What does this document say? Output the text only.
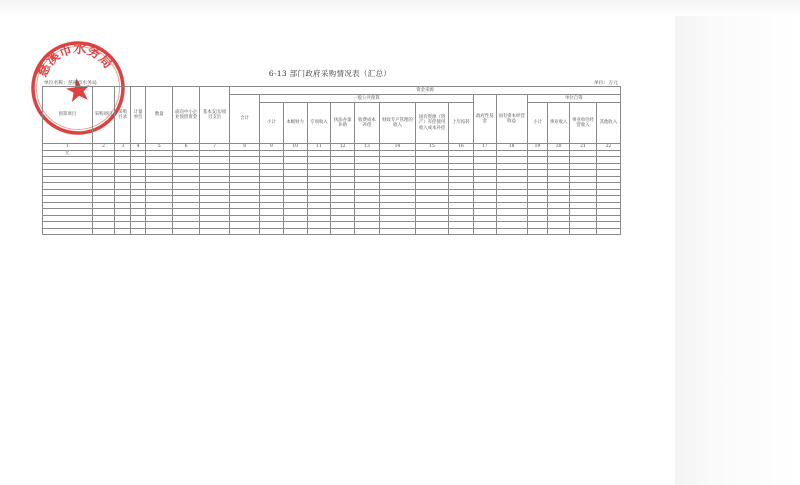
慈溪市水务局
6-13 部门政府采购情况表（汇总）
单位名称：慈溪市水务局	单位：万元
预算项目	采购项目	采购目录	计量单位	数量	面向中小企业预留资金	基本支出/项目支出	资金来源														
							合计	一般公共预算								政府性基金	国有资本经营收益	单位自筹			
								小计	本级财力	专项收入	执法办案补助	收费成本补偿	财政专户管理的收入	国有资源（资产）有偿使用收入成本补偿	上年结转			小计	事业收入	事业单位经营收入	其他收入
1	2	3	4	5	6	7	8	9	10	11	12	13	14	15	16	17	18	19	20	21	22
无																					
